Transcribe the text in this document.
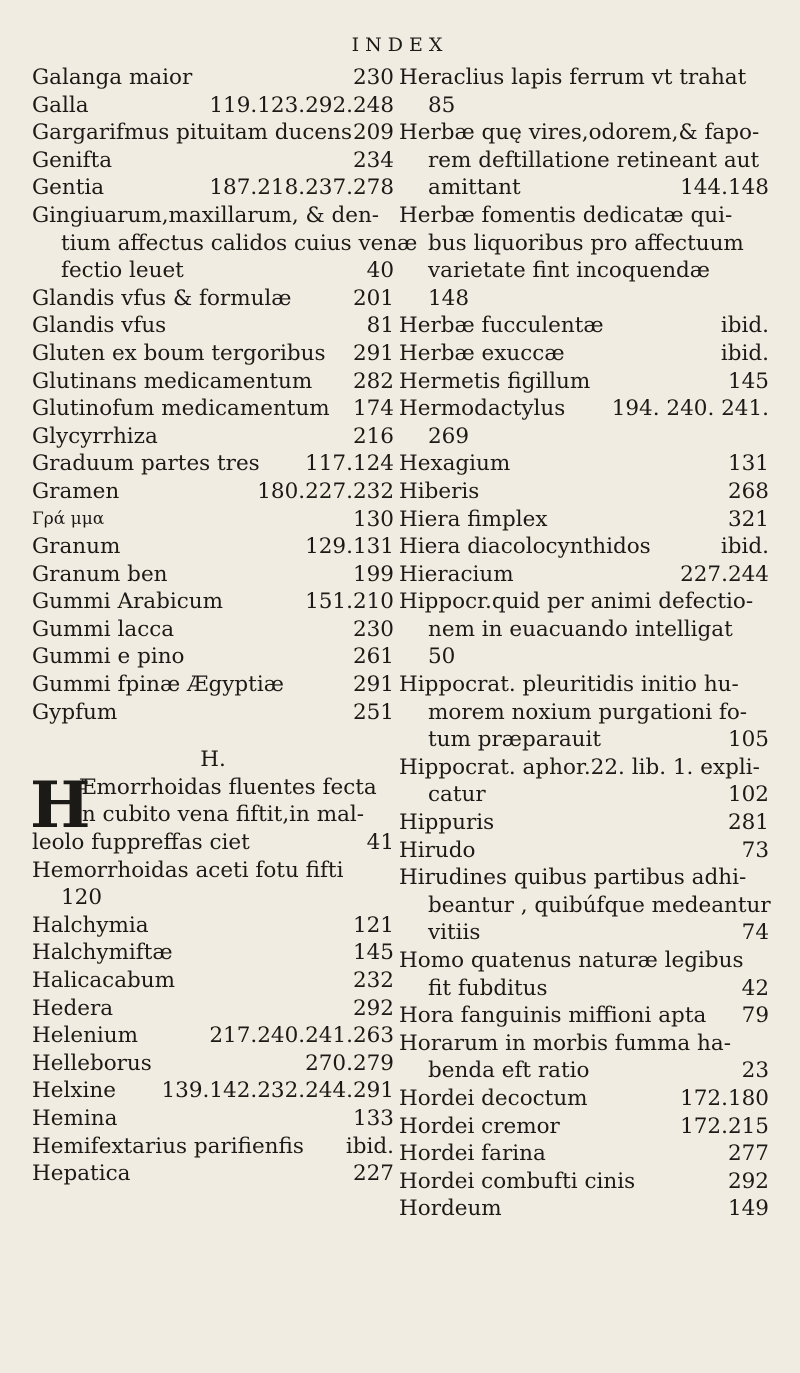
INDEX
Galanga maior	230
Galla	119.123.292.248
Gargarifmus pituitam ducens 209
Genifta	234
Gentia	187.218.237.278
Gingiuarum,maxillarum, & den-
tium affectus calidos cuius venæ
fectio leuet	40
Glandis vfus & formulæ	201
Glandis vfus	81
Gluten ex boum tergoribus 291
Glutinans medicamentum 282
Glutinofum medicamentum 174
Glycyrrhiza	216
Graduum partes tres 117.124
Gramen	180.227.232
Γρά μμα	130
Granum	129.131
Granum ben	199
Gummi Arabicum	151.210
Gummi lacca	230
Gummi e pino	261
Gummi fpinæ Ægyptiæ	291
Gypfum	251
H.
Æmorrhoidas fluentes fecta
H
in cubito vena fiftit,in mal-
leolo fuppreffas ciet	41
Hemorrhoidas aceti fotu fifti
120
Halchymia	121
Halchymiftæ	145
Halicacabum	232
Hedera	292
Helenium	217.240.241.263
Helleborus	270.279
Helxine 139.142.232.244.291
Hemina	133
Hemifextarius parifienfis ibid.
Hepatica	227
Heraclius lapis ferrum vt trahat
85
Herbæ quę vires,odorem,& fapo-
rem deftillatione retineant aut
amittant	144.148
Herbæ fomentis dedicatæ qui-
bus liquoribus pro affectuum
varietate fint incoquendæ
148
Herbæ fucculentæ	ibid.
Herbæ exuccæ	ibid.
Hermetis figillum	145
Hermodactylus 194. 240. 241.
269
Hexagium	131
Hiberis	268
Hiera fimplex	321
Hiera diacolocynthidos	ibid.
Hieracium	227.244
Hippocr.quid per animi defectio-
nem in euacuando intelligat
50
Hippocrat. pleuritidis initio hu-
morem noxium purgationi fo-
tum præparauit	105
Hippocrat. aphor.22. lib. 1. expli-
catur	102
Hippuris	281
Hirudo	73
Hirudines quibus partibus adhi-
beantur , quibúfque medeantur
vitiis	74
Homo quatenus naturæ legibus
fit fubditus	42
Hora fanguinis miffioni apta 79
Horarum in morbis fumma ha-
benda eft ratio	23
Hordei decoctum	172.180
Hordei cremor	172.215
Hordei farina	277
Hordei combufti cinis	292
Hordeum	149
